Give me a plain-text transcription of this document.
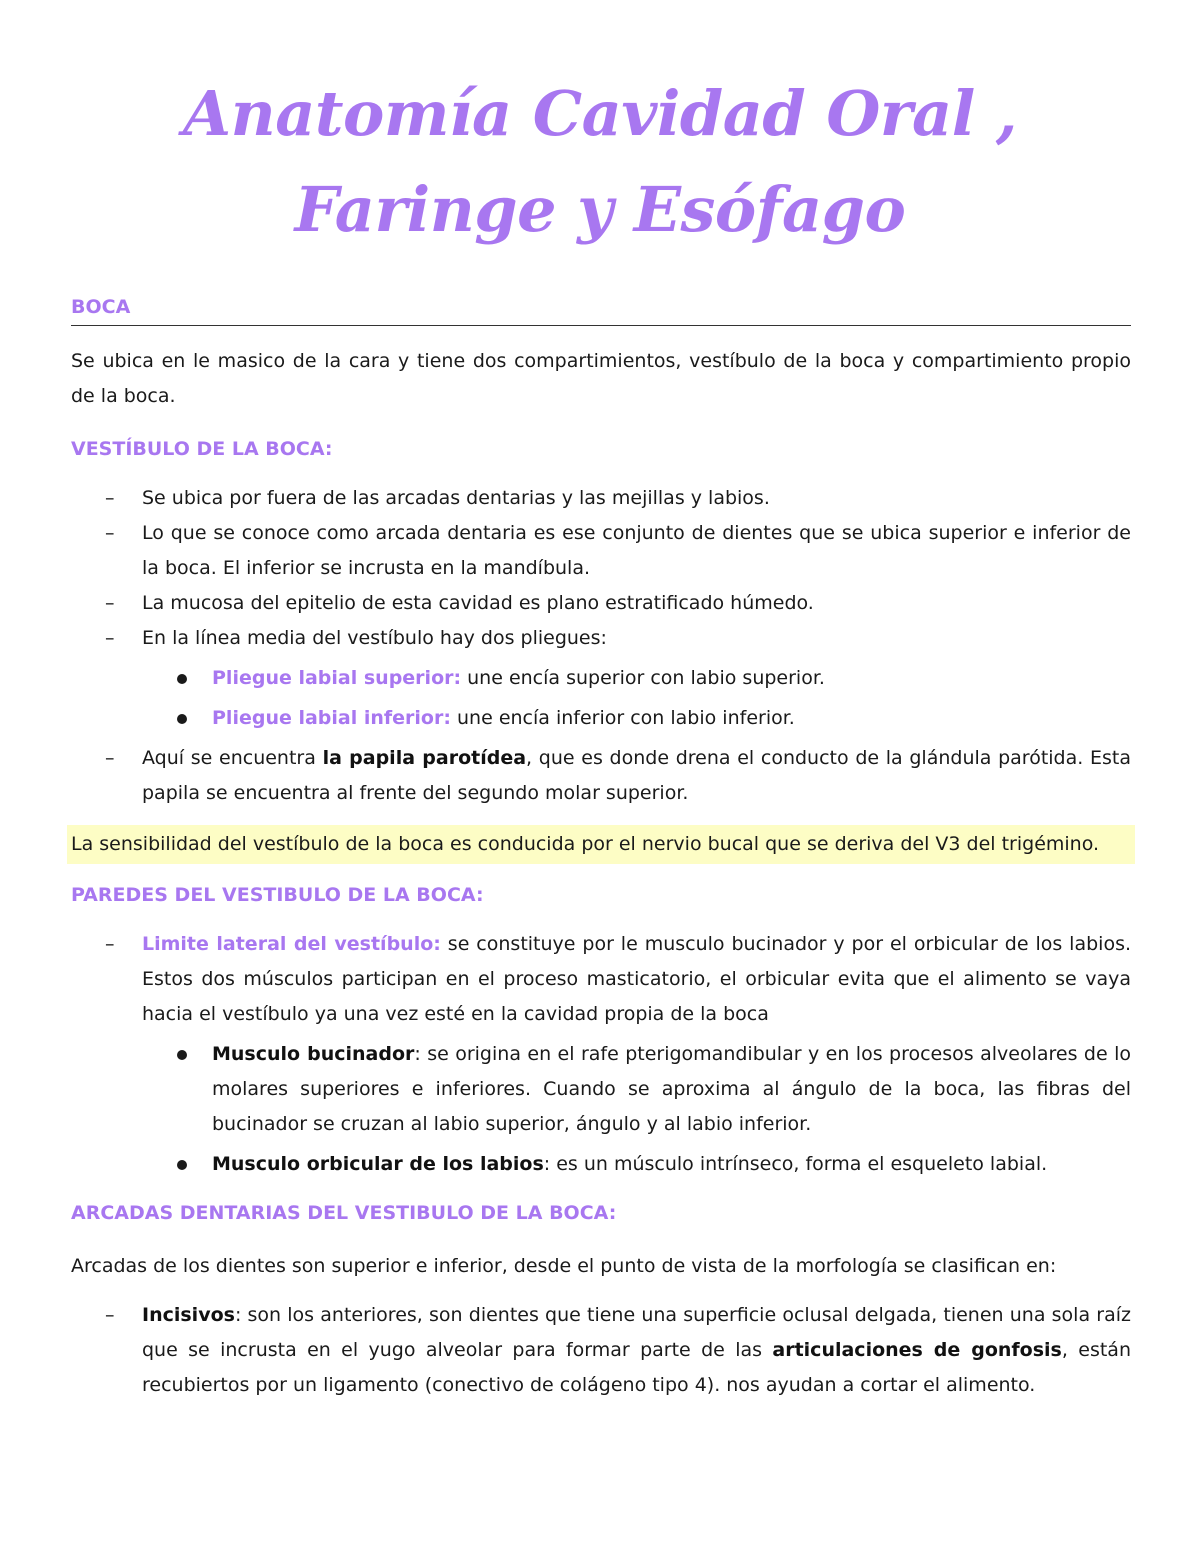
Anatomía Cavidad Oral ,
Faringe y Esófago
BOCA

Se ubica en le masico de la cara y tiene dos compartimientos, vestíbulo de la boca y compartimiento propio de la boca.

VESTÍBULO DE LA BOCA:
– Se ubica por fuera de las arcadas dentarias y las mejillas y labios.
– Lo que se conoce como arcada dentaria es ese conjunto de dientes que se ubica superior e inferior de la boca. El inferior se incrusta en la mandíbula.
– La mucosa del epitelio de esta cavidad es plano estratificado húmedo.
– En la línea media del vestíbulo hay dos pliegues:
Pliegue labial superior: une encía superior con labio superior.
Pliegue labial inferior: une encía inferior con labio inferior.
– Aquí se encuentra la papila parotídea, que es donde drena el conducto de la glándula parótida. Esta papila se encuentra al frente del segundo molar superior.

La sensibilidad del vestíbulo de la boca es conducida por el nervio bucal que se deriva del V3 del trigémino.

PAREDES DEL VESTIBULO DE LA BOCA:
– Limite lateral del vestíbulo: se constituye por le musculo bucinador y por el orbicular de los labios. Estos dos músculos participan en el proceso masticatorio, el orbicular evita que el alimento se vaya hacia el vestíbulo ya una vez esté en la cavidad propia de la boca
Musculo bucinador: se origina en el rafe pterigomandibular y en los procesos alveolares de lo molares superiores e inferiores. Cuando se aproxima al ángulo de la boca, las fibras del bucinador se cruzan al labio superior, ángulo y al labio inferior.
Musculo orbicular de los labios: es un músculo intrínseco, forma el esqueleto labial.
ARCADAS DENTARIAS DEL VESTIBULO DE LA BOCA:

Arcadas de los dientes son superior e inferior, desde el punto de vista de la morfología se clasifican en:

– Incisivos: son los anteriores, son dientes que tiene una superficie oclusal delgada, tienen una sola raíz que se incrusta en el yugo alveolar para formar parte de las articulaciones de gonfosis, están recubiertos por un ligamento (conectivo de colágeno tipo 4). nos ayudan a cortar el alimento.
